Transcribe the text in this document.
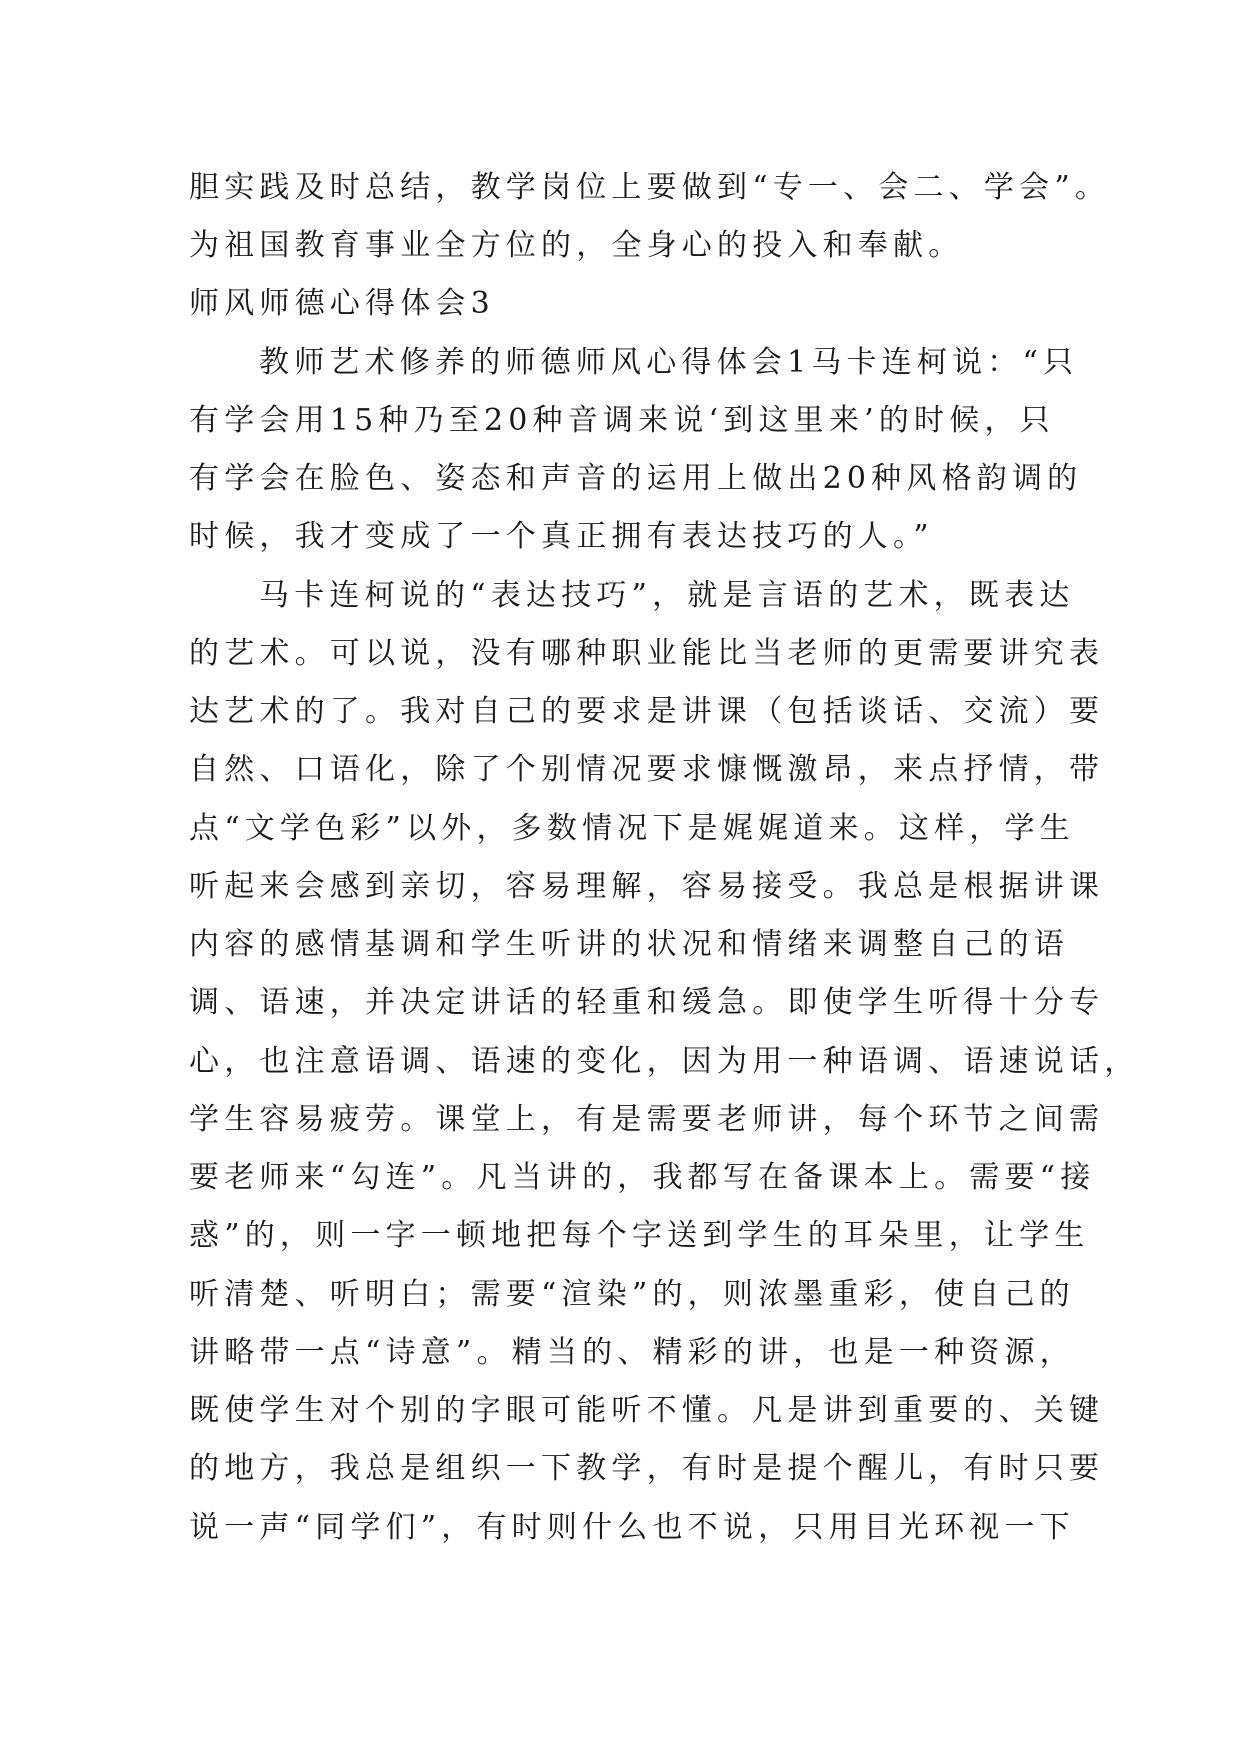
胆实践及时总结，教学岗位上要做到“专一、会二、学会”。
为祖国教育事业全方位的，全身心的投入和奉献。
师风师德心得体会3
教师艺术修养的师德师风心得体会1马卡连柯说：“只
有学会用15种乃至20种音调来说‘到这里来’的时候，只
有学会在脸色、姿态和声音的运用上做出20种风格韵调的
时候，我才变成了一个真正拥有表达技巧的人。”
马卡连柯说的“表达技巧”，就是言语的艺术，既表达
的艺术。可以说，没有哪种职业能比当老师的更需要讲究表
达艺术的了。我对自己的要求是讲课（包括谈话、交流）要
自然、口语化，除了个别情况要求慷慨激昂，来点抒情，带
点“文学色彩”以外，多数情况下是娓娓道来。这样，学生
听起来会感到亲切，容易理解，容易接受。我总是根据讲课
内容的感情基调和学生听讲的状况和情绪来调整自己的语
调、语速，并决定讲话的轻重和缓急。即使学生听得十分专
心，也注意语调、语速的变化，因为用一种语调、语速说话，
学生容易疲劳。课堂上，有是需要老师讲，每个环节之间需
要老师来“勾连”。凡当讲的，我都写在备课本上。需要“接
惑”的，则一字一顿地把每个字送到学生的耳朵里，让学生
听清楚、听明白；需要“渲染”的，则浓墨重彩，使自己的
讲略带一点“诗意”。精当的、精彩的讲，也是一种资源，
既使学生对个别的字眼可能听不懂。凡是讲到重要的、关键
的地方，我总是组织一下教学，有时是提个醒儿，有时只要
说一声“同学们”，有时则什么也不说，只用目光环视一下
